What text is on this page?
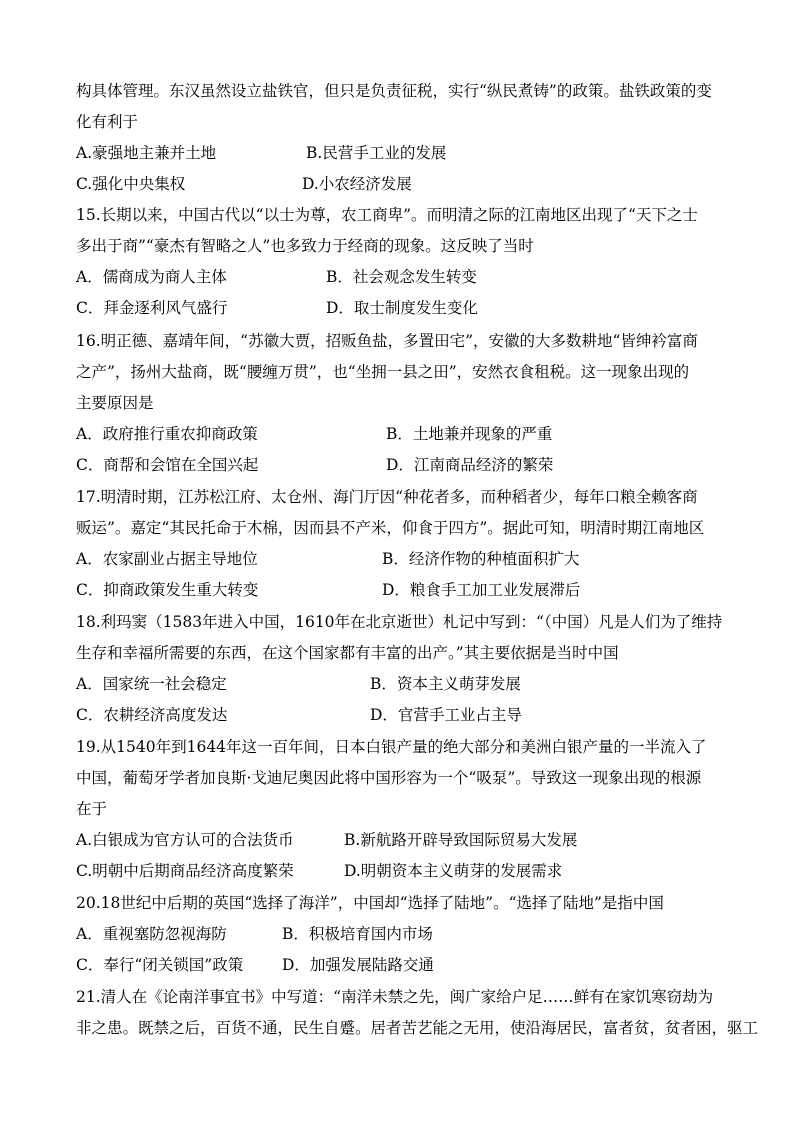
构具体管理。东汉虽然设立盐铁官，但只是负责征税，实行“纵民煮铸”的政策。盐铁政策的变
化有利于
A.豪强地主兼并土地	B.民营手工业的发展
C.强化中央集权	D.小农经济发展
15.长期以来，中国古代以“以士为尊，农工商卑”。而明清之际的江南地区出现了“天下之士
多出于商”“豪杰有智略之人”也多致力于经商的现象。这反映了当时
A．儒商成为商人主体	B．社会观念发生转变
C．拜金逐利风气盛行	D．取士制度发生变化
16.明正德、嘉靖年间，“苏徽大贾，招贩鱼盐，多置田宅”，安徽的大多数耕地“皆绅衿富商
之产”，扬州大盐商，既“腰缠万贯”，也“坐拥一县之田”，安然衣食租税。这一现象出现的
主要原因是
A．政府推行重农抑商政策	B．土地兼并现象的严重
C．商帮和会馆在全国兴起	D．江南商品经济的繁荣
17.明清时期，江苏松江府、太仓州、海门厅因“种花者多，而种稻者少，每年口粮全赖客商
贩运”。嘉定“其民托命于木棉，因而县不产米，仰食于四方”。据此可知，明清时期江南地区
A．农家副业占据主导地位	B．经济作物的种植面积扩大
C．抑商政策发生重大转变	D．粮食手工加工业发展滞后
18.利玛窦（1583年进入中国，1610年在北京逝世）札记中写到：“（中国）凡是人们为了维持
生存和幸福所需要的东西，在这个国家都有丰富的出产。”其主要依据是当时中国
A．国家统一社会稳定	B．资本主义萌芽发展
C．农耕经济高度发达	D．官营手工业占主导
19.从1540年到1644年这一百年间，日本白银产量的绝大部分和美洲白银产量的一半流入了
中国，葡萄牙学者加良斯·戈迪尼奥因此将中国形容为一个“吸泵”。导致这一现象出现的根源
在于
A.白银成为官方认可的合法货币	B.新航路开辟导致国际贸易大发展
C.明朝中后期商品经济高度繁荣	D.明朝资本主义萌芽的发展需求
20.18世纪中后期的英国“选择了海洋”，中国却“选择了陆地”。“选择了陆地”是指中国
A．重视塞防忽视海防	B．积极培育国内市场
C．奉行“闭关锁国”政策	D．加强发展陆路交通
21.清人在《论南洋事宜书》中写道：“南洋未禁之先，闽广家给户足……鲜有在家饥寒窃劫为
非之患。既禁之后，百货不通，民生自蹙。居者苦艺能之无用，使沿海居民，富者贫，贫者困，驱工
